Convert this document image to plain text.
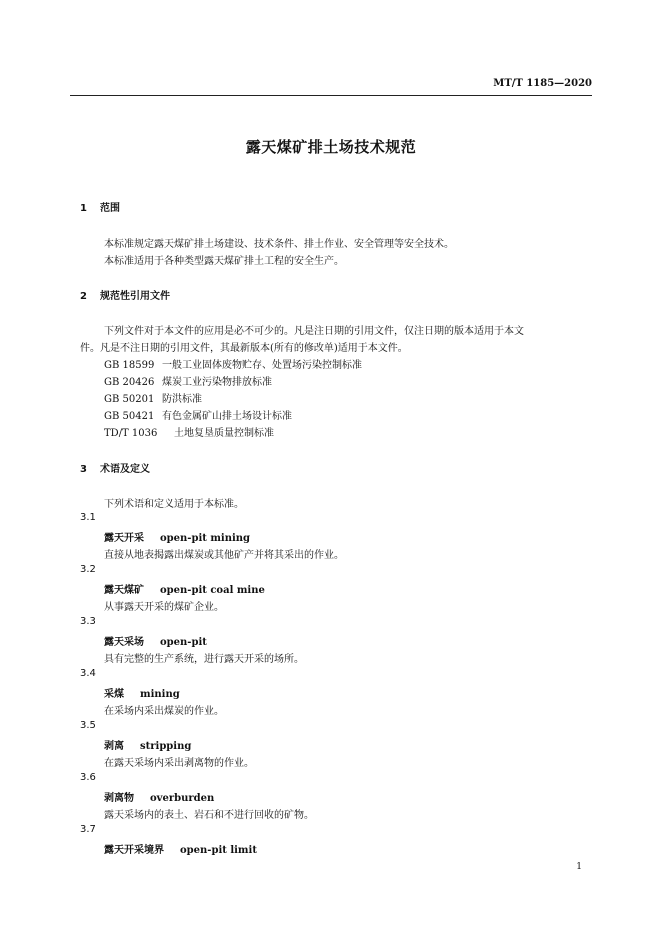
MT/T 1185—2020
露天煤矿排土场技术规范
1 范围
本标准规定露天煤矿排土场建设、技术条件、排土作业、安全管理等安全技术。
本标准适用于各种类型露天煤矿排土工程的安全生产。
2 规范性引用文件
下列文件对于本文件的应用是必不可少的。凡是注日期的引用文件，仅注日期的版本适用于本文
件。凡是不注日期的引用文件，其最新版本(所有的修改单)适用于本文件。
GB 18599 一般工业固体废物贮存、处置场污染控制标准
GB 20426 煤炭工业污染物排放标准
GB 50201 防洪标准
GB 50421 有色金属矿山排土场设计标准
TD/T 1036 土地复垦质量控制标准
3 术语及定义
下列术语和定义适用于本标准。
3.1
露天开采 open-pit mining
直接从地表揭露出煤炭或其他矿产并将其采出的作业。
3.2
露天煤矿 open-pit coal mine
从事露天开采的煤矿企业。
3.3
露天采场 open-pit
具有完整的生产系统，进行露天开采的场所。
3.4
采煤 mining
在采场内采出煤炭的作业。
3.5
剥离 stripping
在露天采场内采出剥离物的作业。
3.6
剥离物 overburden
露天采场内的表土、岩石和不进行回收的矿物。
3.7
露天开采境界 open-pit limit
1
